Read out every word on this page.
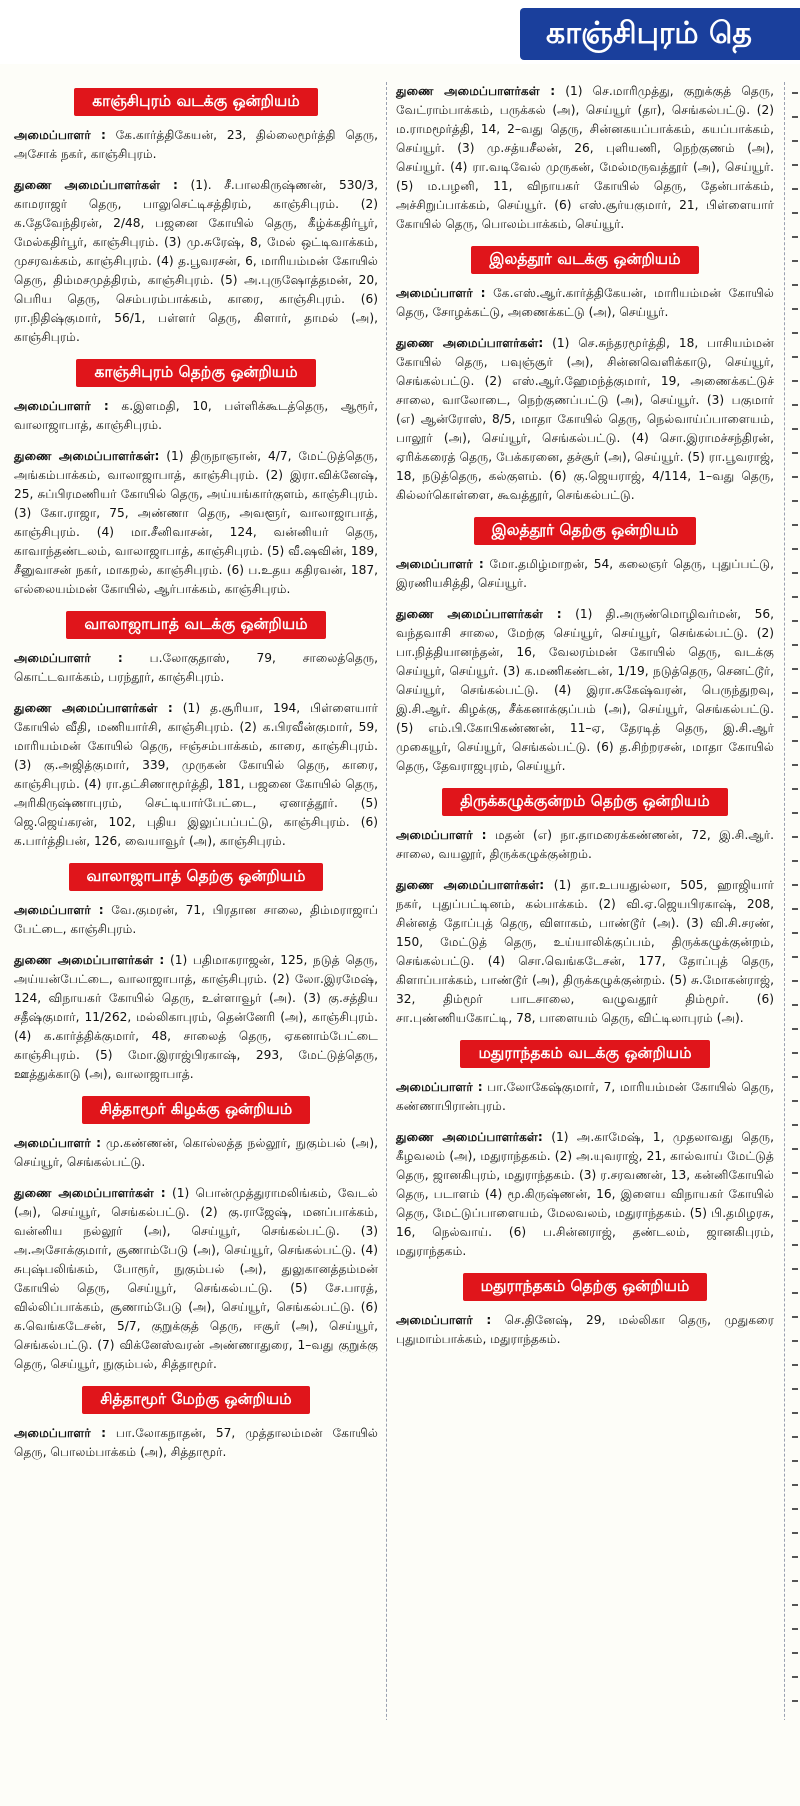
காஞ்சிபுரம் தெ
காஞ்சிபுரம் வடக்கு ஒன்றியம்
அமைப்பாளர் : கே.கார்த்திகேயன், 23, தில்லைமூர்த்தி தெரு, அசோக் நகர், காஞ்சிபுரம்.
துணை அமைப்பாளர்கள் : (1). சீ.பாலகிருஷ்ணன், 530/3, காமராஜர் தெரு, பாலுசெட்டிசத்திரம், காஞ்சிபுரம். (2) க.தேவேந்திரன், 2/48, பஜனை கோயில் தெரு, கீழ்க்கதிர்பூர், மேல்கதிர்பூர், காஞ்சிபுரம். (3) மு.சுரேஷ், 8, மேல் ஒட்டிவாக்கம், முசரவக்கம், காஞ்சிபுரம். (4) த.பூவரசன், 6, மாரியம்மன் கோயில் தெரு, திம்மசமுத்திரம், காஞ்சிபுரம். (5) அ.புருஷோத்தமன், 20, பெரிய தெரு, செம்பரம்பாக்கம், காரை, காஞ்சிபுரம். (6) ரா.நிதிஷ்குமார், 56/1, பள்ளர் தெரு, கிளார், தாமல் (அ), காஞ்சிபுரம்.
காஞ்சிபுரம் தெற்கு ஒன்றியம்
அமைப்பாளர் : க.இளமதி, 10, பள்ளிக்கூடத்தெரு, ஆரூர், வாலாஜாபாத், காஞ்சிபுரம்.
துணை அமைப்பாளர்கள்: (1) திருநாஞான், 4/7, மேட்டுத்தெரு, அங்கம்பாக்கம், வாலாஜாபாத், காஞ்சிபுரம். (2) இரா.விக்னேஷ், 25, சுப்பிரமணியர் கோயில் தெரு, அய்யங்கார்குளம், காஞ்சிபுரம். (3) கோ.ராஜா, 75, அண்ணா தெரு, அவளூர், வாலாஜாபாத், காஞ்சிபுரம். (4) மா.சீனிவாசன், 124, வன்னியர் தெரு, காவாந்தண்டலம், வாலாஜாபாத், காஞ்சிபுரம். (5) வீ.ஷவின், 189, சீனுவாசன் நகர், மாகறல், காஞ்சிபுரம். (6) ப.உதய கதிரவன், 187, எல்லையம்மன் கோயில், ஆர்பாக்கம், காஞ்சிபுரம்.
வாலாஜாபாத் வடக்கு ஒன்றியம்
அமைப்பாளர் : ப.லோகுதாஸ், 79, சாலைத்தெரு, கொட்டவாக்கம், பரந்தூர், காஞ்சிபுரம்.
துணை அமைப்பாளர்கள் : (1) த.சூரியா, 194, பிள்ளையார் கோயில் வீதி, மணியார்சி, காஞ்சிபுரம். (2) க.பிரவீன்குமார், 59, மாரியம்மன் கோயில் தெரு, ஈஞ்சம்பாக்கம், காரை, காஞ்சிபுரம். (3) கு.அஜித்குமார், 339, முருகன் கோயில் தெரு, காரை, காஞ்சிபுரம். (4) ரா.தட்சிணாமூர்த்தி, 181, பஜனை கோயில் தெரு, அரிகிருஷ்ணாபுரம், செட்டியார்பேட்டை, ஏனாத்தூர். (5) ஜெ.ஜெய்கரன், 102, புதிய இலுப்பப்பட்டு, காஞ்சிபுரம். (6) க.பார்த்திபன், 126, வையாவூர் (அ), காஞ்சிபுரம்.
வாலாஜாபாத் தெற்கு ஒன்றியம்
அமைப்பாளர் : வே.குமரன், 71, பிரதான சாலை, திம்மராஜாப் பேட்டை, காஞ்சிபுரம்.
துணை அமைப்பாளர்கள் : (1) பதிமாகராஜன், 125, நடுத் தெரு, அய்யன்பேட்டை, வாலாஜாபாத், காஞ்சிபுரம். (2) லோ.இரமேஷ், 124, விநாயகர் கோயில் தெரு, உள்ளாவூர் (அ). (3) கு.சத்திய சதீஷ்குமார், 11/262, மல்லிகாபுரம், தென்னேரி (அ), காஞ்சிபுரம். (4) க.கார்த்திக்குமார், 48, சாலைத் தெரு, ஏகனாம்பேட்டை காஞ்சிபுரம். (5) மோ.இராஜ்பிரகாஷ், 293, மேட்டுத்தெரு, ஊத்துக்காடு (அ), வாலாஜாபாத்.
சித்தாமூர் கிழக்கு ஒன்றியம்
அமைப்பாளர் : மு.கண்ணன், கொல்லத்த நல்லூர், நுகும்பல் (அ), செய்யூர், செங்கல்பட்டு.
துணை அமைப்பாளர்கள் : (1) பொன்முத்துராமலிங்கம், வேடல் (அ), செய்யூர், செங்கல்பட்டு. (2) கு.ராஜேஷ், மனப்பாக்கம், வன்னிய நல்லூர் (அ), செய்யூர், செங்கல்பட்டு. (3) அ.அசோக்குமார், சூணாம்பேடு (அ), செய்யூர், செங்கல்பட்டு. (4) சுபுஷ்பலிங்கம், போரூர், நுகும்பல் (அ), துலுகானத்தம்மன் கோயில் தெரு, செய்யூர், செங்கல்பட்டு. (5) சே.பாரத், வில்லிப்பாக்கம், சூணாம்பேடு (அ), செய்யூர், செங்கல்பட்டு. (6) க.வெங்கடேசன், 5/7, குறுக்குத் தெரு, ஈசூர் (அ), செய்யூர், செங்கல்பட்டு. (7) விக்னேஸ்வரன் அண்ணாதுரை, 1–வது குறுக்கு தெரு, செய்யூர், நுகும்பல், சித்தாமூர்.
சித்தாமூர் மேற்கு ஒன்றியம்
அமைப்பாளர் : பா.லோகநாதன், 57, முத்தாலம்மன் கோயில் தெரு, பொலம்பாக்கம் (அ), சித்தாமூர்.
துணை அமைப்பாளர்கள் : (1) செ.மாரிமுத்து, குறுக்குத் தெரு, வேட்ராம்பாக்கம், பருக்கல் (அ), செய்யூர் (தா), செங்கல்பட்டு. (2) ம.ராமமூர்த்தி, 14, 2–வது தெரு, சின்னகயப்பாக்கம், கயப்பாக்கம், செய்யூர். (3) மு.சத்யசீலன், 26, புளியணி, நெற்குணம் (அ), செய்யூர். (4) ரா.வடிவேல் முருகன், மேல்மருவத்தூர் (அ), செய்யூர். (5) ம.பழனி, 11, விநாயகர் கோயில் தெரு, தேன்பாக்கம், அச்சிறுப்பாக்கம், செய்யூர். (6) எஸ்.சூர்யகுமார், 21, பிள்ளையார் கோயில் தெரு, பொலம்பாக்கம், செய்யூர்.
இலத்தூர் வடக்கு ஒன்றியம்
அமைப்பாளர் : கே.எஸ்.ஆர்.கார்த்திகேயன், மாரியம்மன் கோயில் தெரு, சோழக்கட்டு, அணைக்கட்டு (அ), செய்யூர்.
துணை அமைப்பாளர்கள்: (1) செ.சுந்தரமூர்த்தி, 18, பாசியம்மன் கோயில் தெரு, பவுஞ்சூர் (அ), சின்னவெளிக்காடு, செய்யூர், செங்கல்பட்டு. (2) எஸ்.ஆர்.ஹேமந்த்குமார், 19, அணைக்கட்டுச் சாலை, வாலோடை, நெற்குணப்பட்டு (அ), செய்யூர். (3) பகுமார் (எ) ஆன்ரோஸ், 8/5, மாதா கோயில் தெரு, நெல்வாய்ப்பாளையம், பாலூர் (அ), செய்யூர், செங்கல்பட்டு. (4) சொ.இராமச்சந்திரன், ஏரிக்கரைத் தெரு, பேக்கரனை, தச்சூர் (அ), செய்யூர். (5) ரா.பூவராஜ், 18, நடுத்தெரு, கல்குளம். (6) கு.ஜெயராஜ், 4/114, 1–வது தெரு, கில்லர்கொள்ளை, கூவத்தூர், செங்கல்பட்டு.
இலத்தூர் தெற்கு ஒன்றியம்
அமைப்பாளர் : மோ.தமிழ்மாறன், 54, கலைஞர் தெரு, புதுப்பட்டு, இரணியசித்தி, செய்யூர்.
துணை அமைப்பாளர்கள் : (1) தி.அருண்மொழிவர்மன், 56, வந்தவாசி சாலை, மேற்கு செய்யூர், செய்யூர், செங்கல்பட்டு. (2) பா.நித்தியானந்தன், 16, வேலரம்மன் கோயில் தெரு, வடக்கு செய்யூர், செய்யூர். (3) க.மணிகண்டன், 1/19, நடுத்தெரு, செனட்டூர், செய்யூர், செங்கல்பட்டு. (4) இரா.சுகேஷ்வரன், பெருந்துறவு, இ.சி.ஆர். கிழக்கு, சீக்கனாக்குப்பம் (அ), செய்யூர், செங்கல்பட்டு. (5) எம்.பி.கோபிகண்ணன், 11–ஏ, தேரடித் தெரு, இ.சி.ஆர் முகையூர், செய்யூர், செங்கல்பட்டு. (6) த.சிற்றரசன், மாதா கோயில் தெரு, தேவராஜபுரம், செய்யூர்.
திருக்கழுக்குன்றம் தெற்கு ஒன்றியம்
அமைப்பாளர் : மதன் (எ) நா.தாமரைக்கண்ணன், 72, இ.சி.ஆர். சாலை, வயலூர், திருக்கழுக்குன்றம்.
துணை அமைப்பாளர்கள்: (1) தா.உபயதுல்லா, 505, ஹாஜியார் நகர், புதுப்பட்டினம், கல்பாக்கம். (2) வி.ஏ.ஜெயபிரகாஷ், 208, சின்னத் தோப்புத் தெரு, விளாகம், பாண்டூர் (அ). (3) வி.சி.சரண், 150, மேட்டுத் தெரு, உய்யாலிக்குப்பம், திருக்கழுக்குன்றம், செங்கல்பட்டு. (4) சொ.வெங்கடேசன், 177, தோப்புத் தெரு, கிளாப்பாக்கம், பாண்டூர் (அ), திருக்கழுக்குன்றம். (5) சு.மோகன்ராஜ், 32, திம்மூர் பாடசாலை, வழுவதூர் திம்மூர். (6) சா.புண்ணியகோட்டி, 78, பாளையம் தெரு, விட்டிலாபுரம் (அ).
மதுராந்தகம் வடக்கு ஒன்றியம்
அமைப்பாளர் : பா.லோகேஷ்குமார், 7, மாரியம்மன் கோயில் தெரு, கண்ணாபிரான்புரம்.
துணை அமைப்பாளர்கள்: (1) அ.காமேஷ், 1, முதலாவது தெரு, கீழவலம் (அ), மதுராந்தகம். (2) அ.யுவராஜ், 21, கால்வாய் மேட்டுத் தெரு, ஜானகிபுரம், மதுராந்தகம். (3) ர.சரவணன், 13, கன்னிகோயில் தெரு, படாளம் (4) மூ.கிருஷ்ணன், 16, இளைய விநாயகர் கோயில் தெரு, மேட்டுப்பாளையம், மேலவலம், மதுராந்தகம். (5) பி.தமிழரசு, 16, நெல்வாய். (6) ப.சின்னராஜ், தண்டலம், ஜானகிபுரம், மதுராந்தகம்.
மதுராந்தகம் தெற்கு ஒன்றியம்
அமைப்பாளர் : செ.தினேஷ், 29, மல்லிகா தெரு, முதுகரை புதுமாம்பாக்கம், மதுராந்தகம்.
